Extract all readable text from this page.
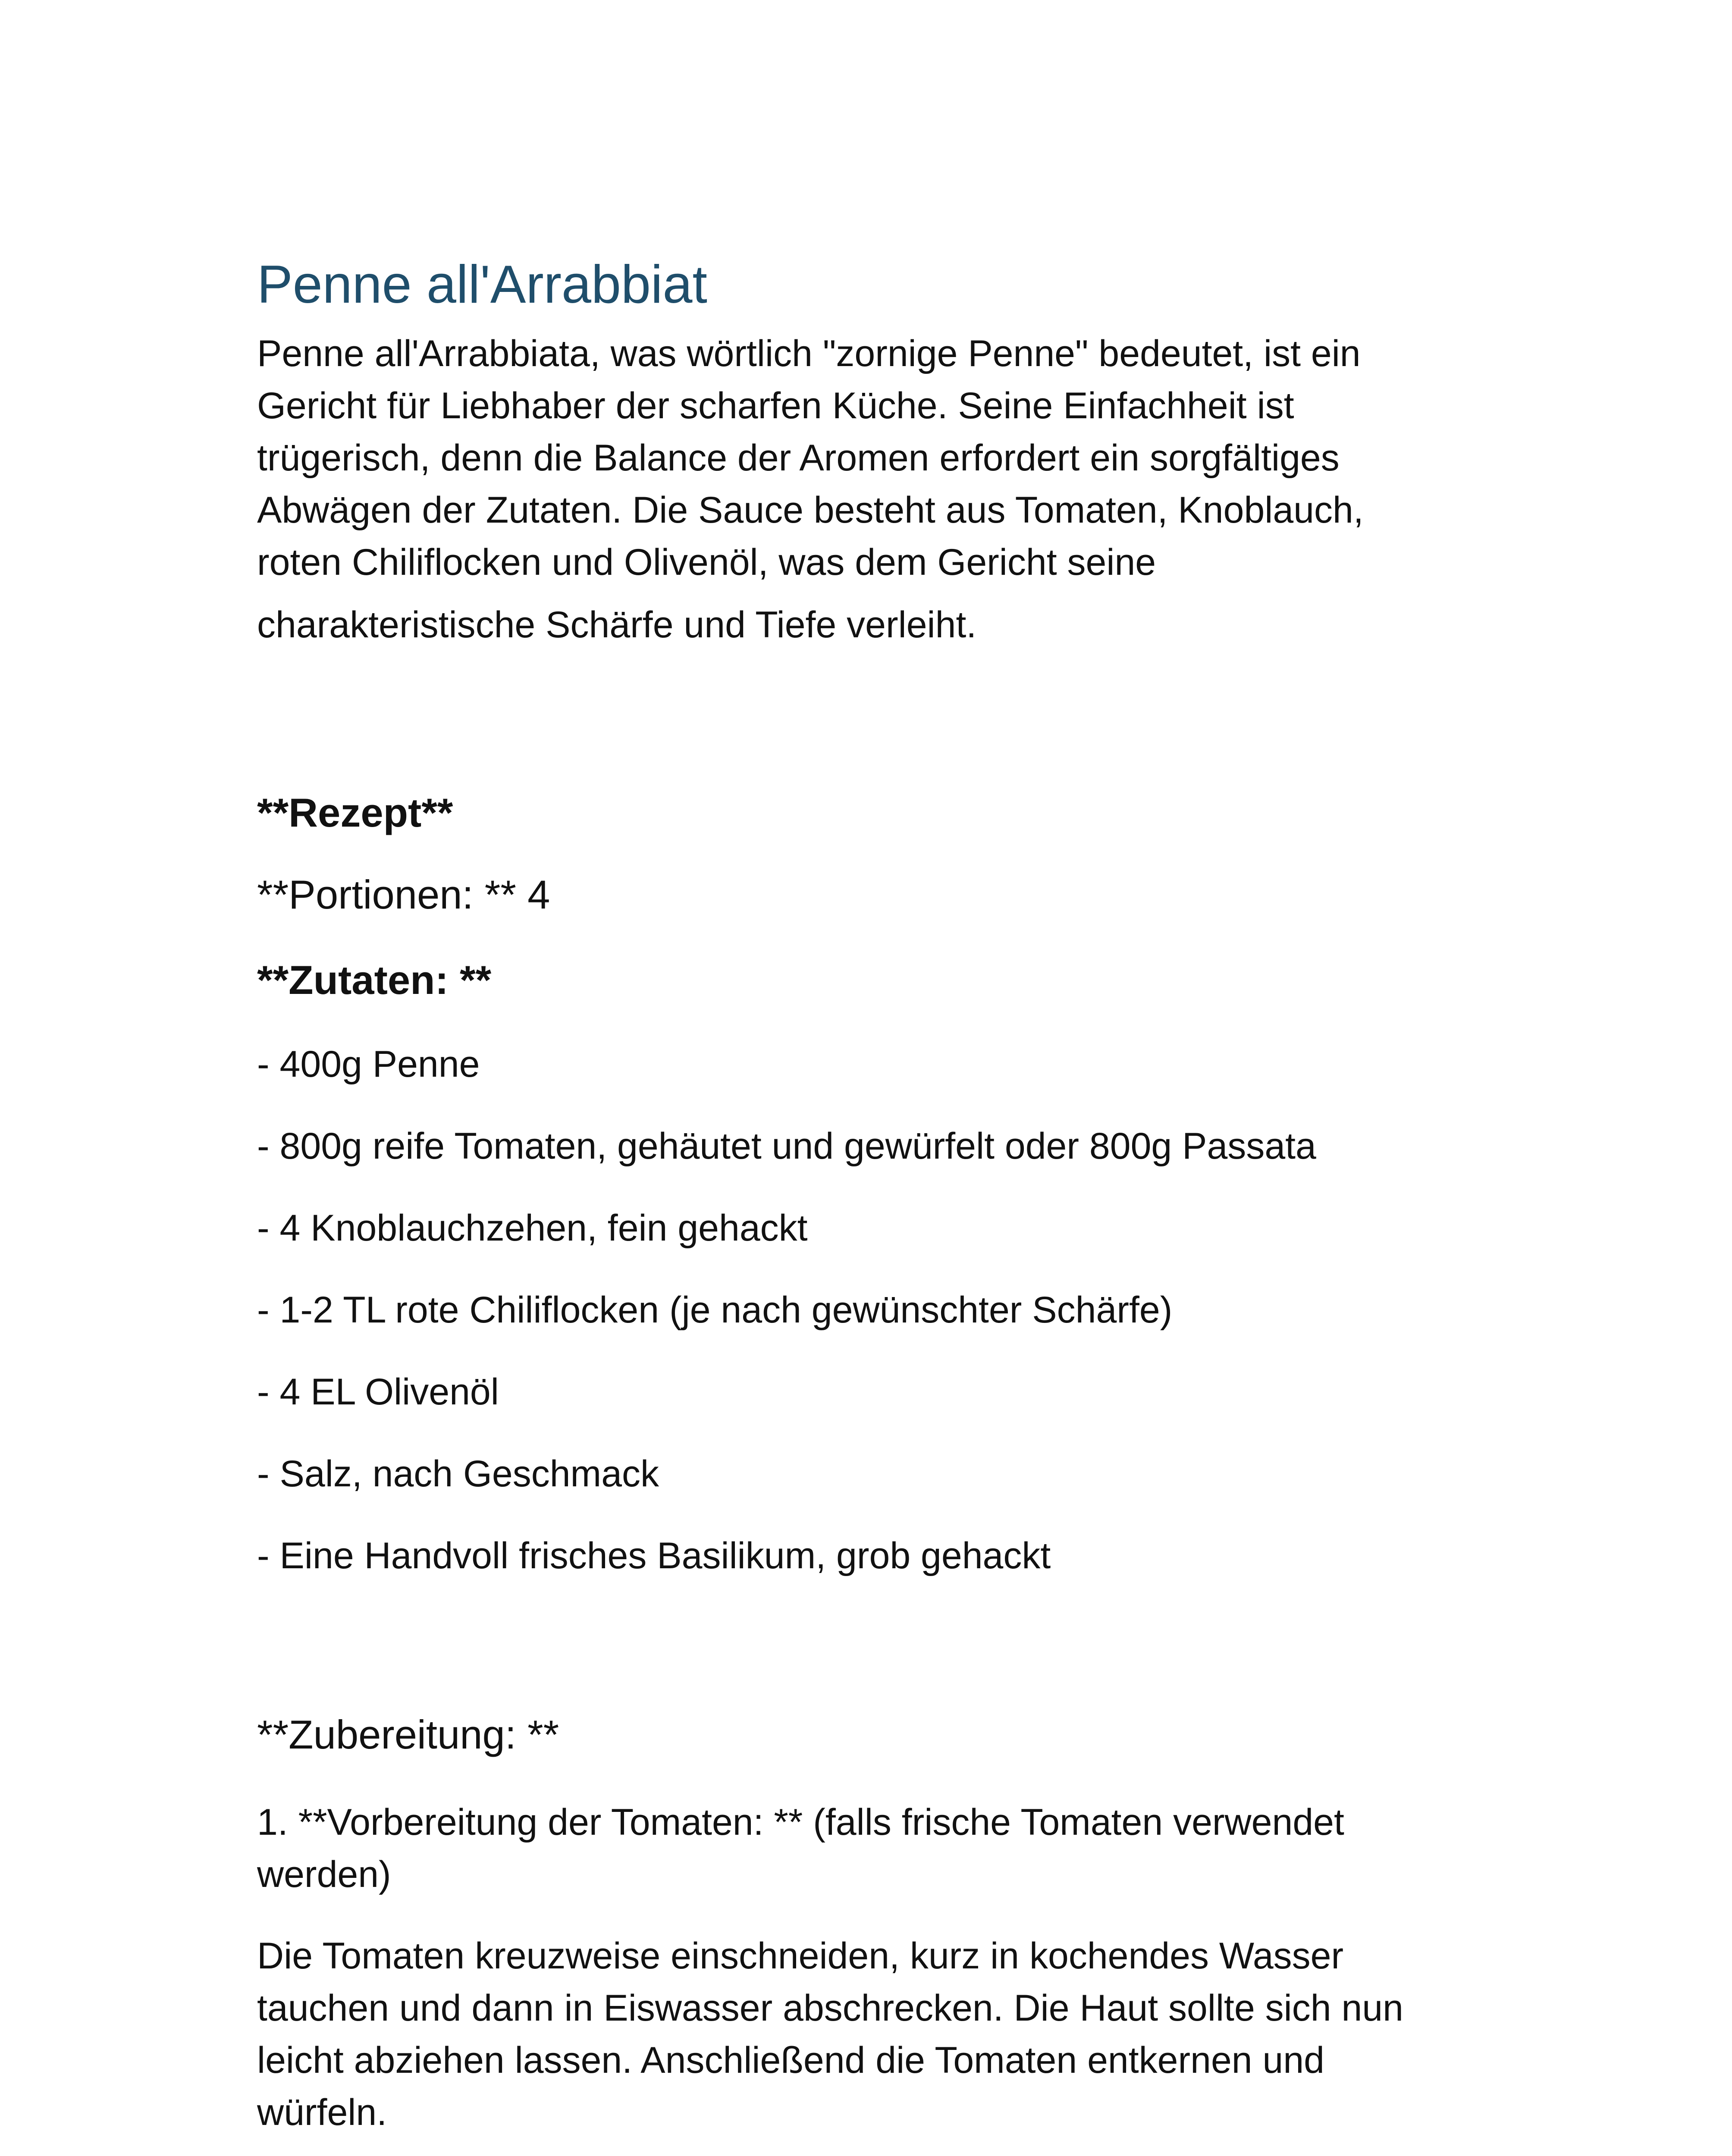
Penne all'Arrabbiat

Penne all'Arrabbiata, was wörtlich "zornige Penne" bedeutet, ist ein

Gericht für Liebhaber der scharfen Küche. Seine Einfachheit ist

trügerisch, denn die Balance der Aromen erfordert ein sorgfältiges

Abwägen der Zutaten. Die Sauce besteht aus Tomaten, Knoblauch,

roten Chiliflocken und Olivenöl, was dem Gericht seine

charakteristische Schärfe und Tiefe verleiht.

**Rezept**

**Portionen: ** 4

**Zutaten: **

- 400g Penne

- 800g reife Tomaten, gehäutet und gewürfelt oder 800g Passata

- 4 Knoblauchzehen, fein gehackt

- 1-2 TL rote Chiliflocken (je nach gewünschter Schärfe)

- 4 EL Olivenöl

- Salz, nach Geschmack

- Eine Handvoll frisches Basilikum, grob gehackt

**Zubereitung: **

1. **Vorbereitung der Tomaten: ** (falls frische Tomaten verwendet
werden)
Die Tomaten kreuzweise einschneiden, kurz in kochendes Wasser
tauchen und dann in Eiswasser abschrecken. Die Haut sollte sich nun
leicht abziehen lassen. Anschließend die Tomaten entkernen und
würfeln.
